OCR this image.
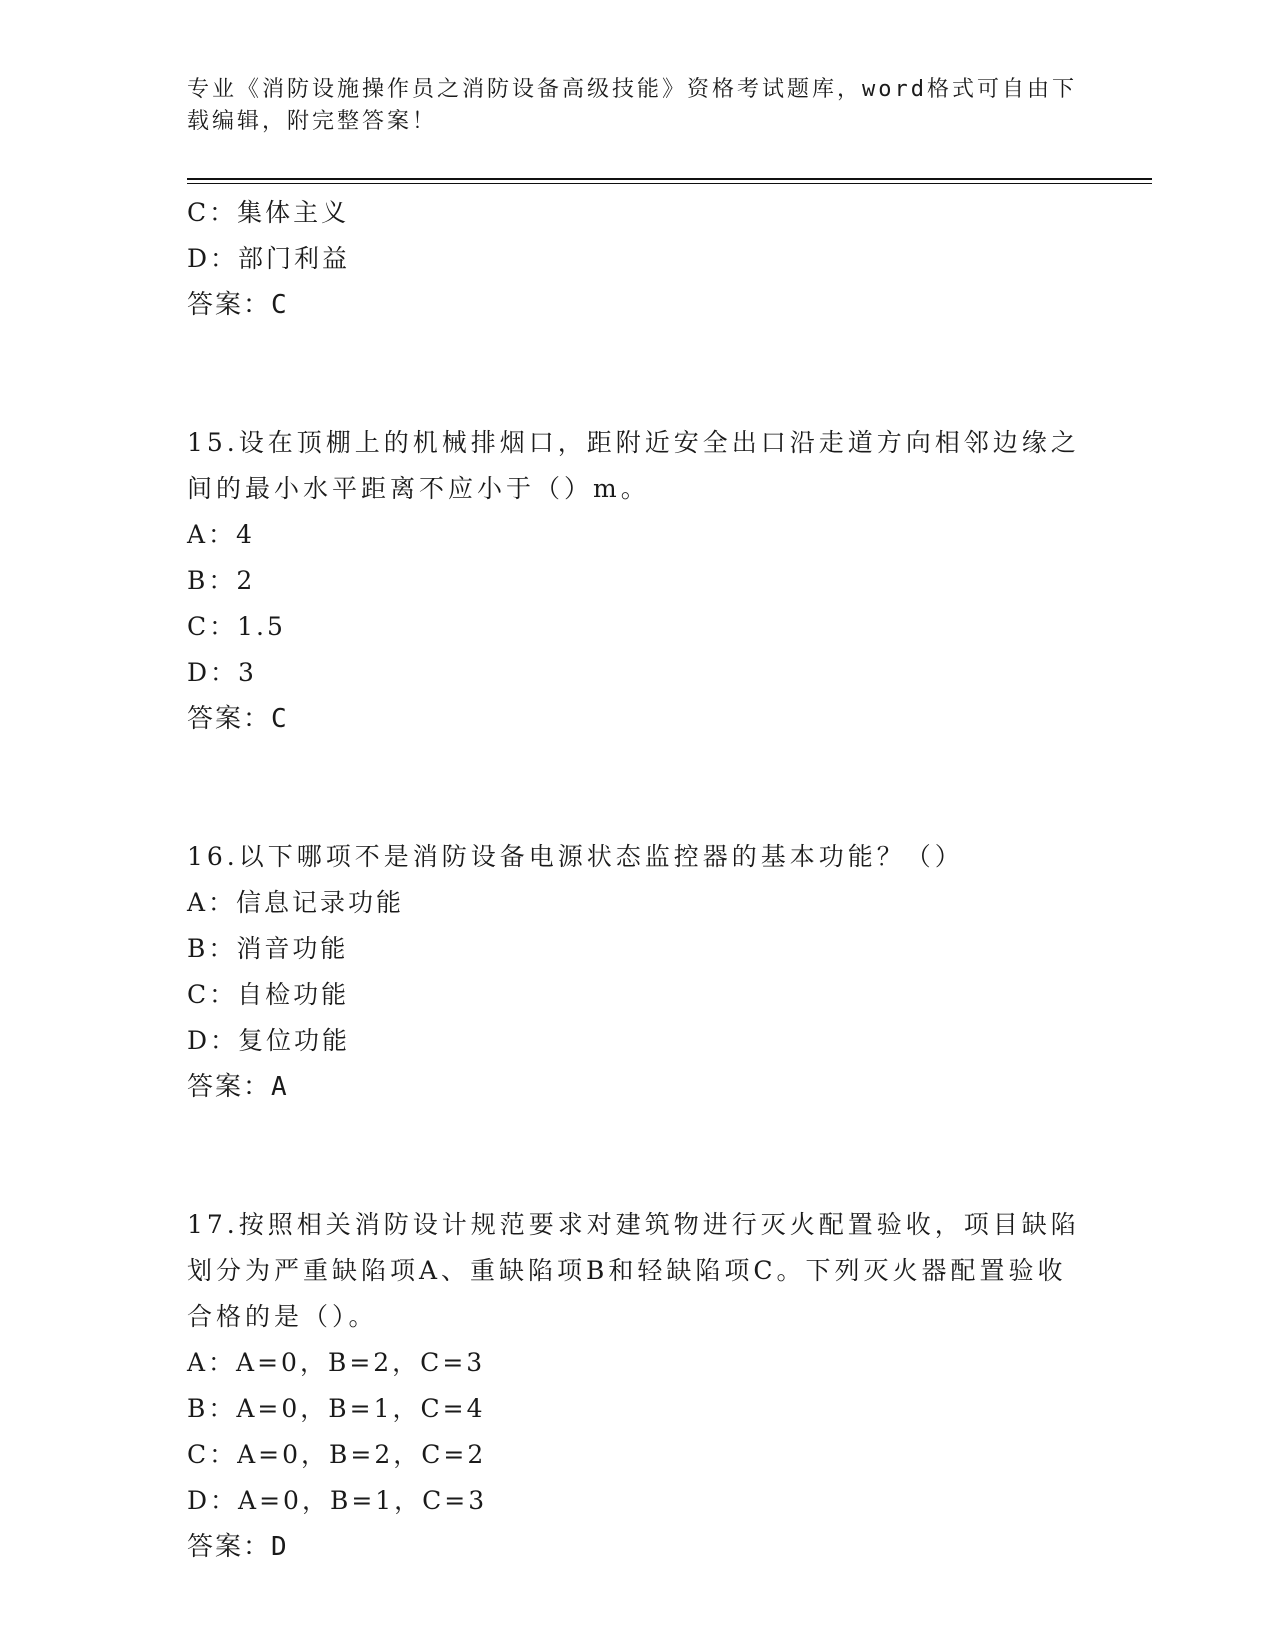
专业《消防设施操作员之消防设备高级技能》资格考试题库，word格式可自由下
载编辑，附完整答案！
C：集体主义
D：部门利益
答案：C
15.设在顶棚上的机械排烟口，距附近安全出口沿走道方向相邻边缘之
间的最小水平距离不应小于（）m。
A：4
B：2
C：1.5
D：3
答案：C
16.以下哪项不是消防设备电源状态监控器的基本功能？（）
A：信息记录功能
B：消音功能
C：自检功能
D：复位功能
答案：A
17.按照相关消防设计规范要求对建筑物进行灭火配置验收，项目缺陷
划分为严重缺陷项A、重缺陷项B和轻缺陷项C。下列灭火器配置验收
合格的是（）。
A：A=0，B=2，C=3
B：A=0，B=1，C=4
C：A=0，B=2，C=2
D：A=0，B=1，C=3
答案：D
